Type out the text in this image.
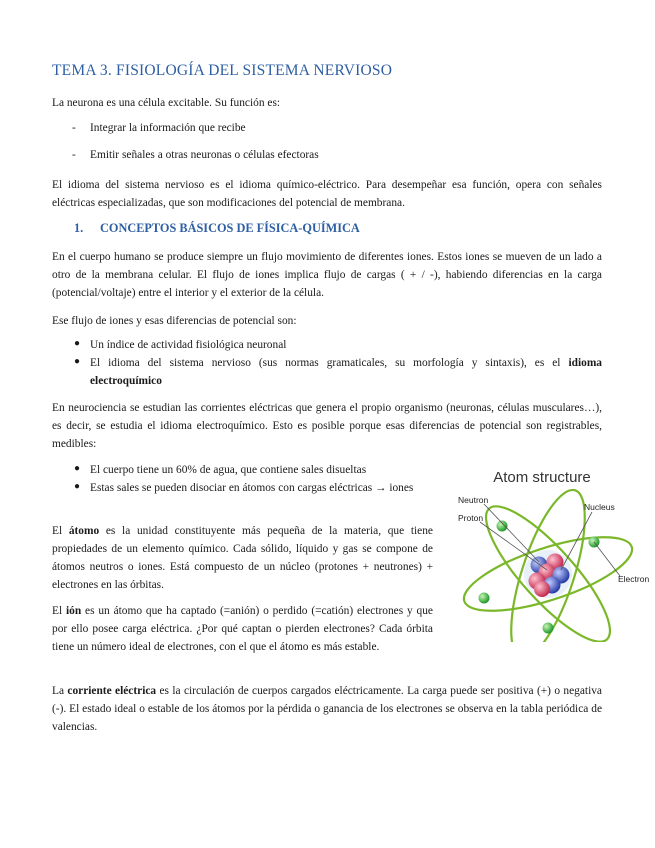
TEMA 3. FISIOLOGÍA DEL SISTEMA NERVIOSO
La neurona es una célula excitable. Su función es:
- Integrar la información que recibe
- Emitir señales a otras neuronas o células efectoras
El idioma del sistema nervioso es el idioma químico-eléctrico. Para desempeñar esa función, opera con señales eléctricas especializadas, que son modificaciones del potencial de membrana.
1. CONCEPTOS BÁSICOS DE FÍSICA-QUÍMICA
En el cuerpo humano se produce siempre un flujo movimiento de diferentes iones. Estos iones se mueven de un lado a otro de la membrana celular. El flujo de iones implica flujo de cargas ( + / -), habiendo diferencias en la carga (potencial/voltaje) entre el interior y el exterior de la célula.
Ese flujo de iones y esas diferencias de potencial son:
● Un índice de actividad fisiológica neuronal
● El idioma del sistema nervioso (sus normas gramaticales, su morfología y sintaxis), es el idioma electroquímico
En neurociencia se estudian las corrientes eléctricas que genera el propio organismo (neuronas, células musculares…), es decir, se estudia el idioma electroquímico. Esto es posible porque esas diferencias de potencial son registrables, medibles:
● El cuerpo tiene un 60% de agua, que contiene sales disueltas
● Estas sales se pueden disociar en átomos con cargas eléctricas → iones
El átomo es la unidad constituyente más pequeña de la materia, que tiene propiedades de un elemento químico. Cada sólido, líquido y gas se compone de átomos neutros o iones. Está compuesto de un núcleo (protones + neutrones) + electrones en las órbitas.
El ión es un átomo que ha captado (=anión) o perdido (=catión) electrones y que por ello posee carga eléctrica. ¿Por qué captan o pierden electrones? Cada órbita tiene un número ideal de electrones, con el que el átomo es más estable.
La corriente eléctrica es la circulación de cuerpos cargados eléctricamente. La carga puede ser positiva (+) o negativa (-). El estado ideal o estable de los átomos por la pérdida o ganancia de los electrones se observa en la tabla periódica de valencias.
Atom structure
Neutron
Proton
Nucleus
Electron
